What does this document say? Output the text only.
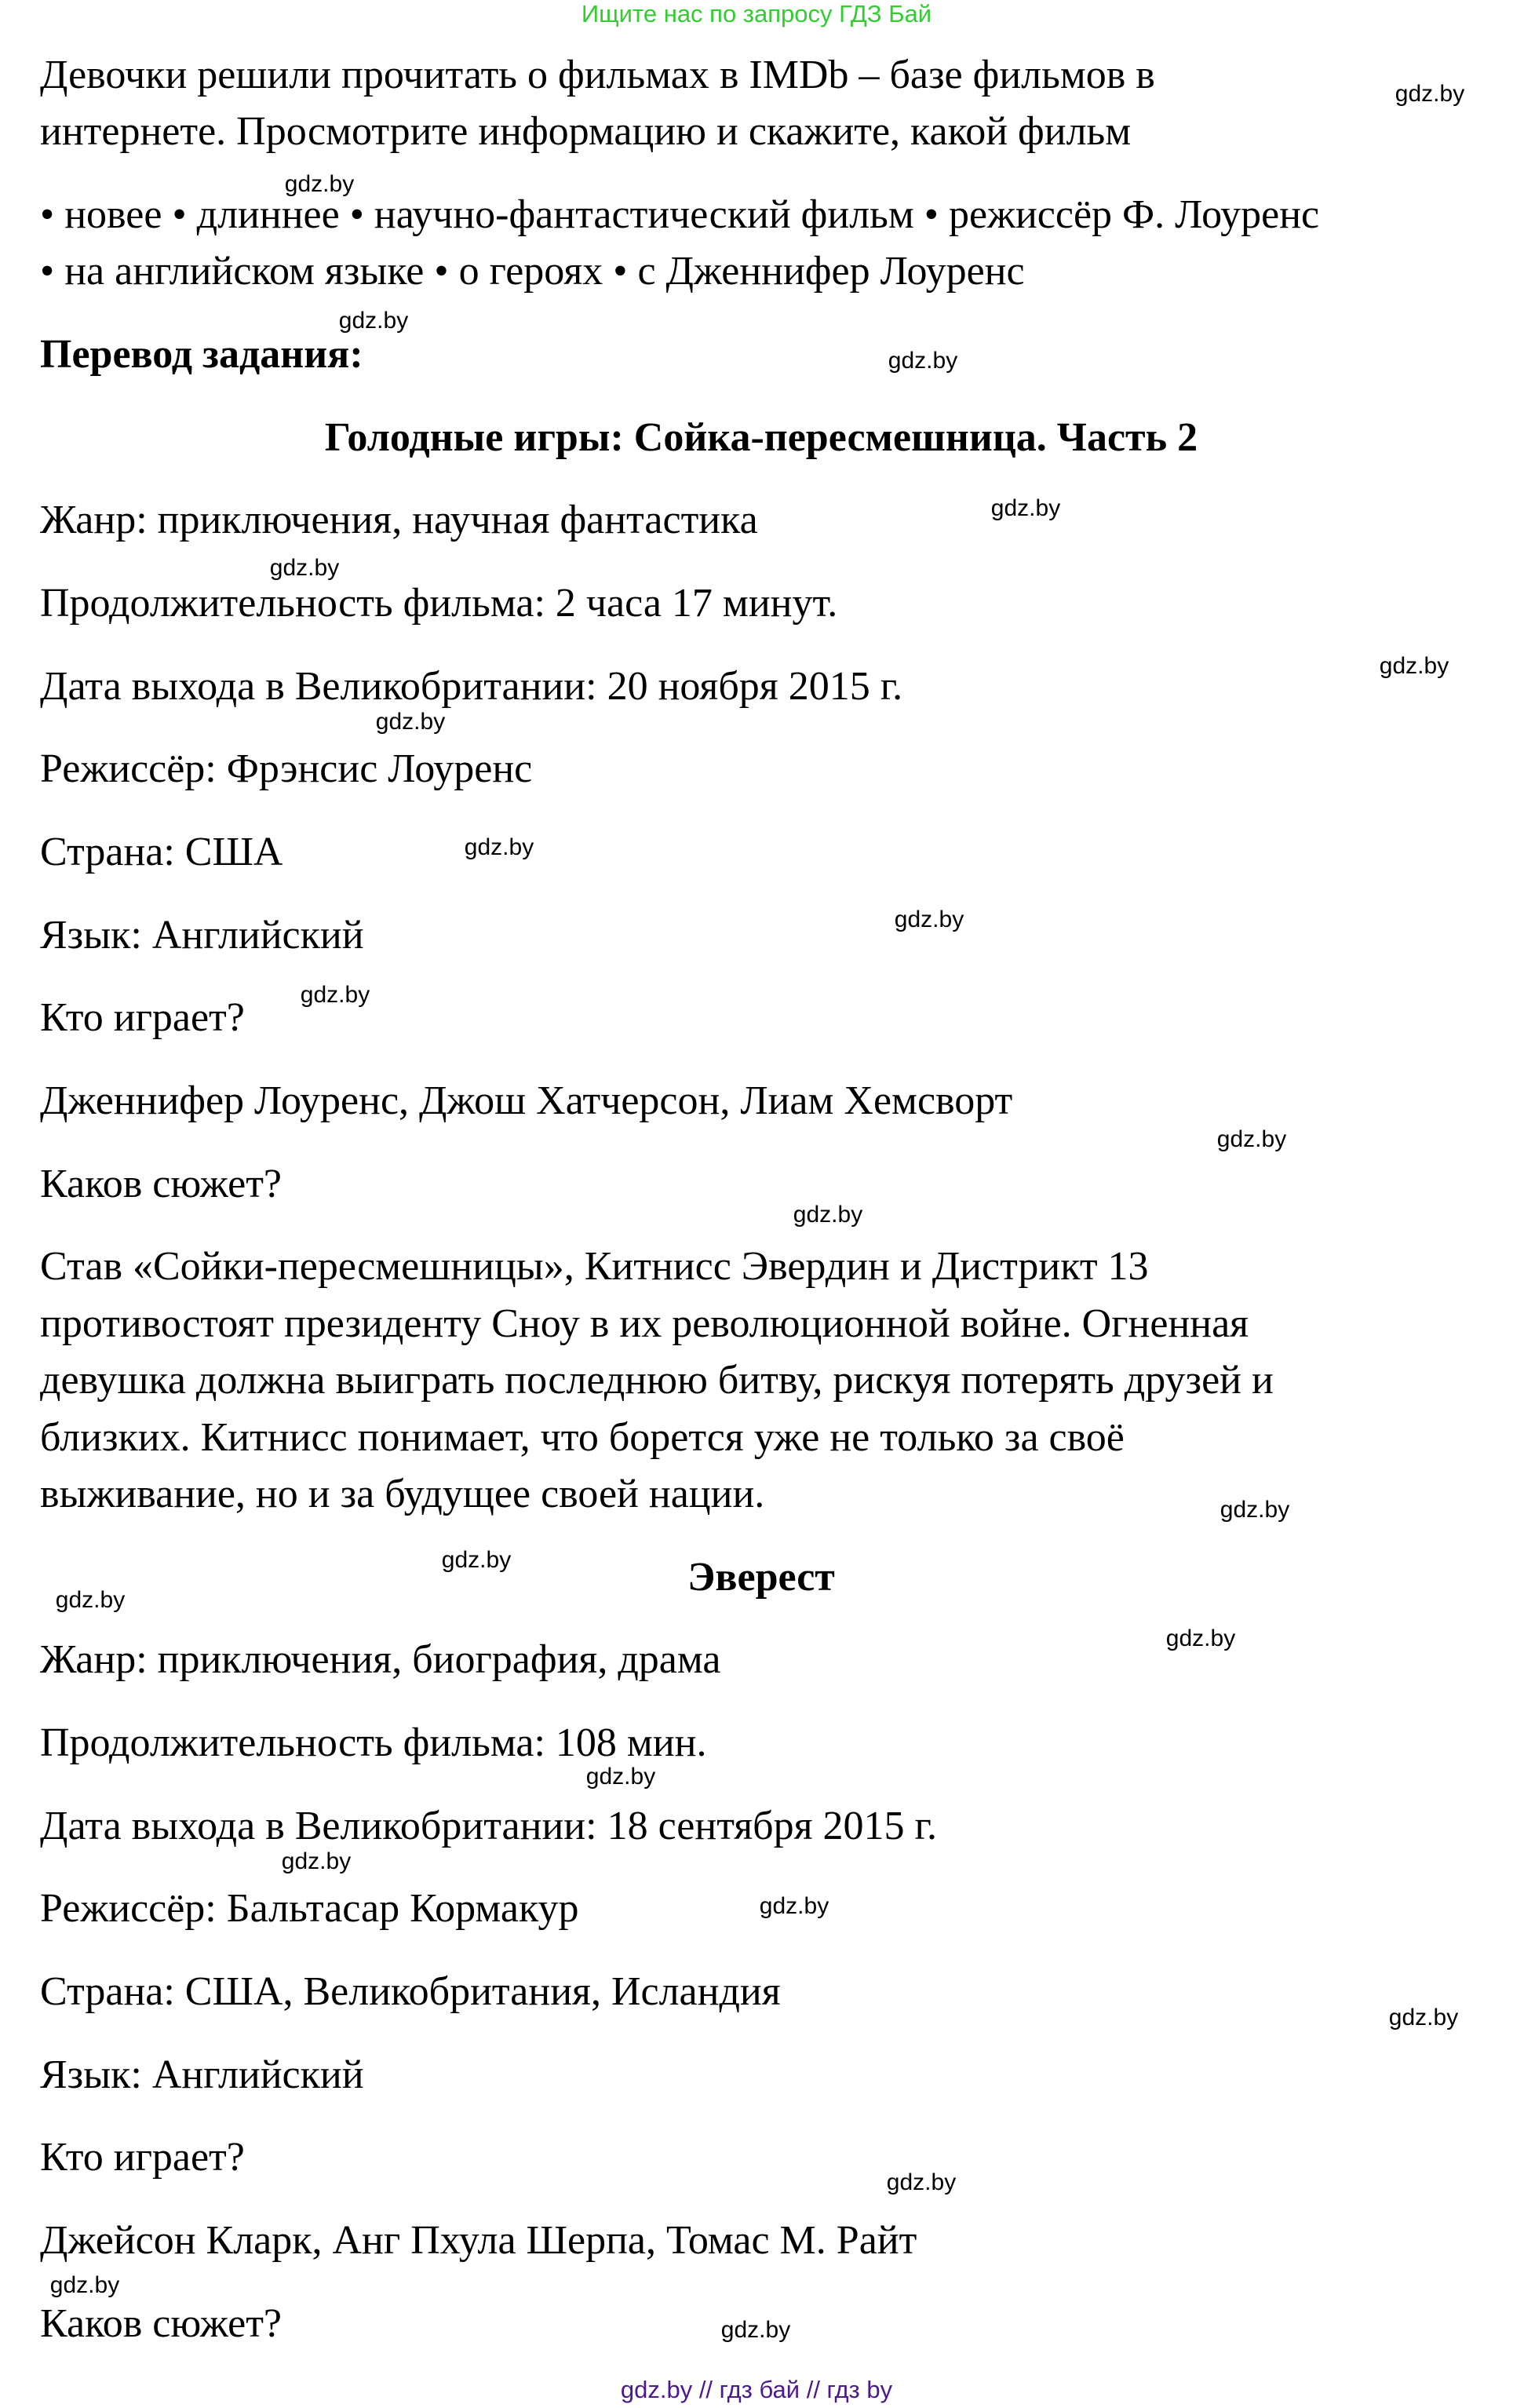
Ищите нас по запросу ГДЗ Бай
gdz.by // гдз бай // гдз by
Девочки решили прочитать о фильмах в IMDb – базе фильмов в
интернете. Просмотрите информацию и скажите, какой фильм
• новее • длиннее • научно-фантастический фильм • режиссёр Ф. Лоуренс
• на английском языке • о героях • с Дженнифер Лоуренс
Перевод задания:
Голодные игры: Сойка-пересмешница. Часть 2
Жанр: приключения, научная фантастика
Продолжительность фильма: 2 часа 17 минут.
Дата выхода в Великобритании: 20 ноября 2015 г.
Режиссёр: Фрэнсис Лоуренс
Страна: США
Язык: Английский
Кто играет?
Дженнифер Лоуренс, Джош Хатчерсон, Лиам Хемсворт
Каков сюжет?
Став «Сойки-пересмешницы», Китнисс Эвердин и Дистрикт 13
противостоят президенту Сноу в их революционной войне. Огненная
девушка должна выиграть последнюю битву, рискуя потерять друзей и
близких. Китнисс понимает, что борется уже не только за своё
выживание, но и за будущее своей нации.
Эверест
Жанр: приключения, биография, драма
Продолжительность фильма: 108 мин.
Дата выхода в Великобритании: 18 сентября 2015 г.
Режиссёр: Бальтасар Кормакур
Страна: США, Великобритания, Исландия
Язык: Английский
Кто играет?
Джейсон Кларк, Анг Пхула Шерпа, Томас М. Райт
Каков сюжет?
gdz.by
gdz.by
gdz.by
gdz.by
gdz.by
gdz.by
gdz.by
gdz.by
gdz.by
gdz.by
gdz.by
gdz.by
gdz.by
gdz.by
gdz.by
gdz.by
gdz.by
gdz.by
gdz.by
gdz.by
gdz.by
gdz.by
gdz.by
gdz.by
